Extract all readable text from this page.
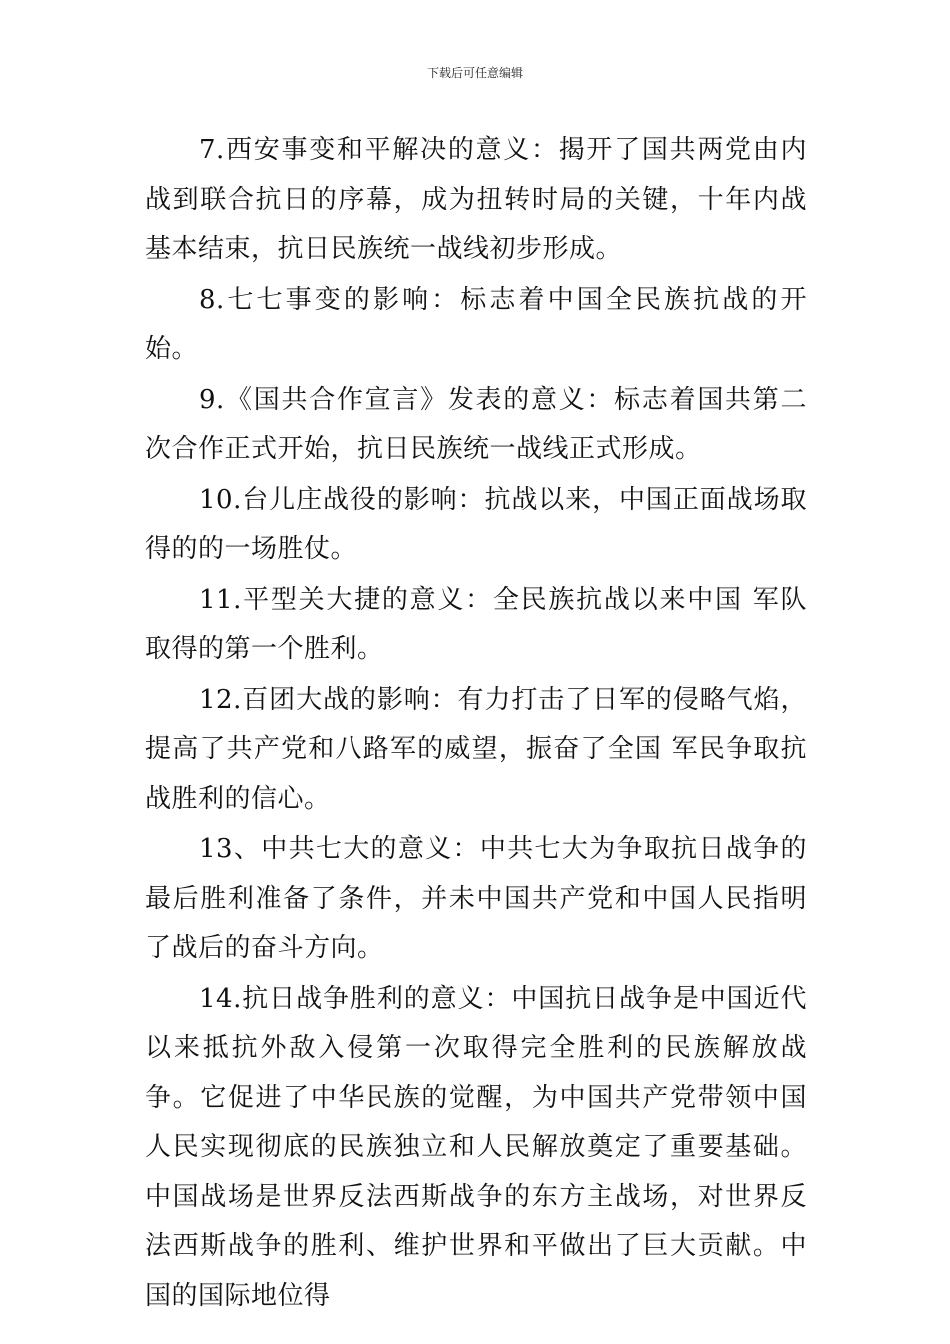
下载后可任意编辑

7.西安事变和平解决的意义：揭开了国共两党由内战到联合抗日的序幕，成为扭转时局的关键，十年内战基本结束，抗日民族统一战线初步形成。

8.七七事变的影响：标志着中国全民族抗战的开始。

9.《国共合作宣言》发表的意义：标志着国共第二次合作正式开始，抗日民族统一战线正式形成。

10.台儿庄战役的影响：抗战以来，中国正面战场取得的的一场胜仗。

11.平型关大捷的意义：全民族抗战以来中国 军队取得的第一个胜利。

12.百团大战的影响：有力打击了日军的侵略气焰，提高了共产党和八路军的威望，振奋了全国 军民争取抗战胜利的信心。

13、中共七大的意义：中共七大为争取抗日战争的最后胜利准备了条件，并未中国共产党和中国人民指明了战后的奋斗方向。

14.抗日战争胜利的意义：中国抗日战争是中国近代以来抵抗外敌入侵第一次取得完全胜利的民族解放战争。它促进了中华民族的觉醒，为中国共产党带领中国人民实现彻底的民族独立和人民解放奠定了重要基础。中国战场是世界反法西斯战争的东方主战场，对世界反法西斯战争的胜利、维护世界和平做出了巨大贡献。中国的国际地位得
